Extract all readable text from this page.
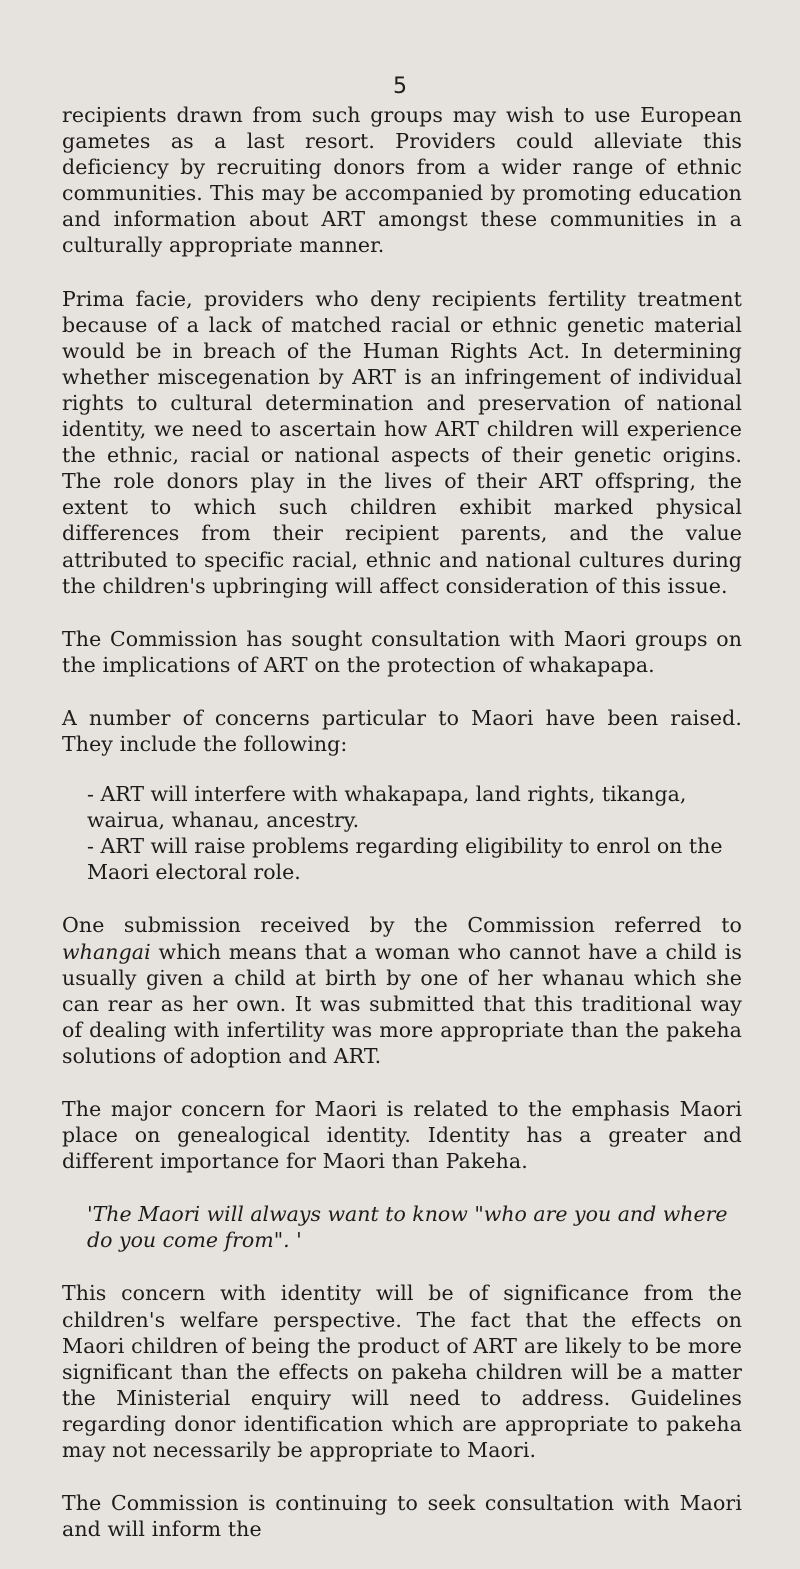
5

recipients drawn from such groups may wish to use European gametes as a last resort. Providers could alleviate this deficiency by recruiting donors from a wider range of ethnic communities. This may be accompanied by promoting education and information about ART amongst these communities in a culturally appropriate manner.

Prima facie, providers who deny recipients fertility treatment because of a lack of matched racial or ethnic genetic material would be in breach of the Human Rights Act. In determining whether miscegenation by ART is an infringement of individual rights to cultural determination and preservation of national identity, we need to ascertain how ART children will experience the ethnic, racial or national aspects of their genetic origins. The role donors play in the lives of their ART offspring, the extent to which such children exhibit marked physical differences from their recipient parents, and the value attributed to specific racial, ethnic and national cultures during the children's upbringing will affect consideration of this issue.

The Commission has sought consultation with Maori groups on the implications of ART on the protection of whakapapa.

A number of concerns particular to Maori have been raised. They include the following:

- ART will interfere with whakapapa, land rights, tikanga, wairua, whanau, ancestry.

- ART will raise problems regarding eligibility to enrol on the Maori electoral role.

One submission received by the Commission referred to whangai which means that a woman who cannot have a child is usually given a child at birth by one of her whanau which she can rear as her own. It was submitted that this traditional way of dealing with infertility was more appropriate than the pakeha solutions of adoption and ART.

The major concern for Maori is related to the emphasis Maori place on genealogical identity. Identity has a greater and different importance for Maori than Pakeha.

'The Maori will always want to know "who are you and where do you come from". '

This concern with identity will be of significance from the children's welfare perspective. The fact that the effects on Maori children of being the product of ART are likely to be more significant than the effects on pakeha children will be a matter the Ministerial enquiry will need to address. Guidelines regarding donor identification which are appropriate to pakeha may not necessarily be appropriate to Maori.

The Commission is continuing to seek consultation with Maori and will inform the
